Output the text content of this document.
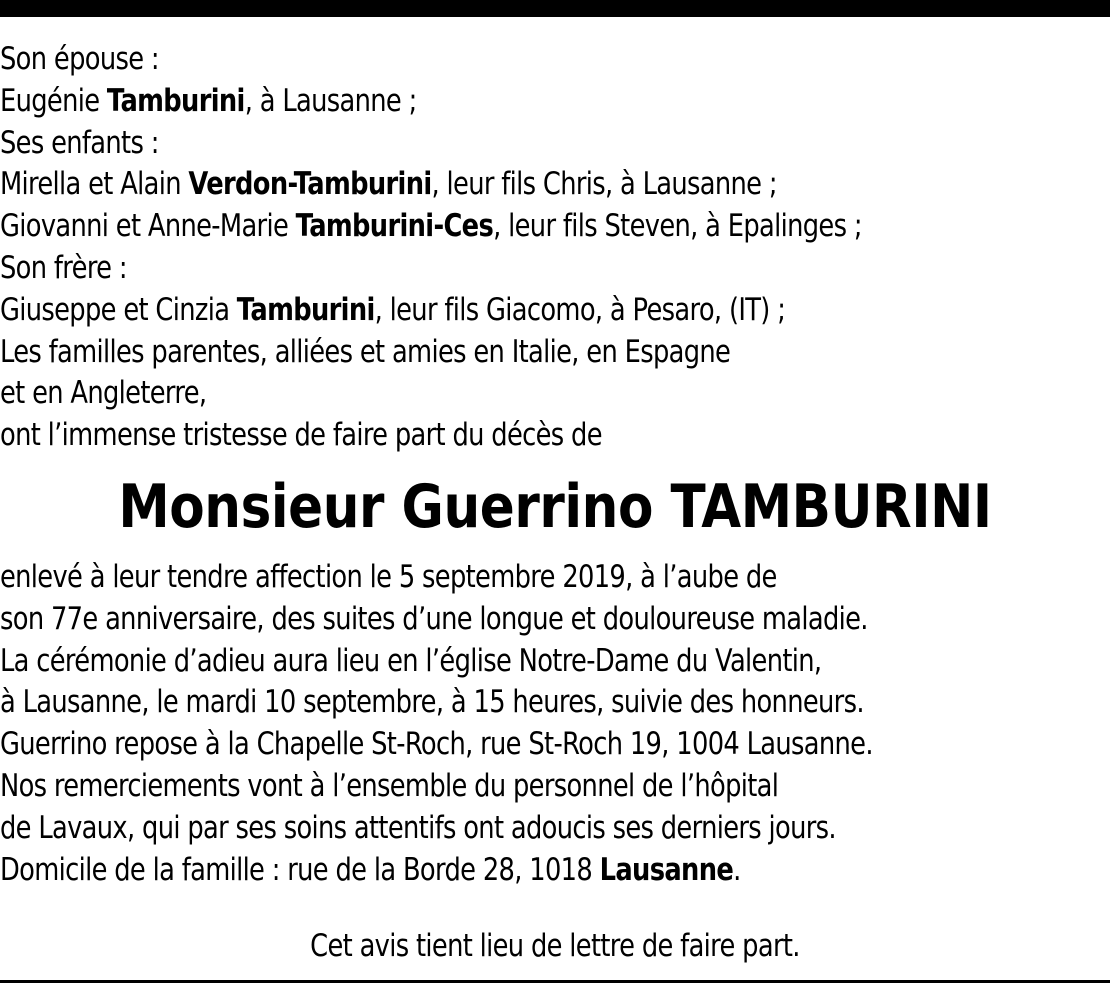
Son épouse :
Eugénie Tamburini, à Lausanne ;
Ses enfants :
Mirella et Alain Verdon-Tamburini, leur fils Chris, à Lausanne ;
Giovanni et Anne-Marie Tamburini-Ces, leur fils Steven, à Epalinges ;
Son frère :
Giuseppe et Cinzia Tamburini, leur fils Giacomo, à Pesaro, (IT) ;
Les familles parentes, alliées et amies en Italie, en Espagne
et en Angleterre,
ont l’immense tristesse de faire part du décès de
Monsieur Guerrino TAMBURINI
enlevé à leur tendre affection le 5 septembre 2019, à l’aube de
son 77e anniversaire, des suites d’une longue et douloureuse maladie.
La cérémonie d’adieu aura lieu en l’église Notre-Dame du Valentin,
à Lausanne, le mardi 10 septembre, à 15 heures, suivie des honneurs.
Guerrino repose à la Chapelle St-Roch, rue St-Roch 19, 1004 Lausanne.
Nos remerciements vont à l’ensemble du personnel de l’hôpital
de Lavaux, qui par ses soins attentifs ont adoucis ses derniers jours.
Domicile de la famille : rue de la Borde 28, 1018 Lausanne.
Cet avis tient lieu de lettre de faire part.
